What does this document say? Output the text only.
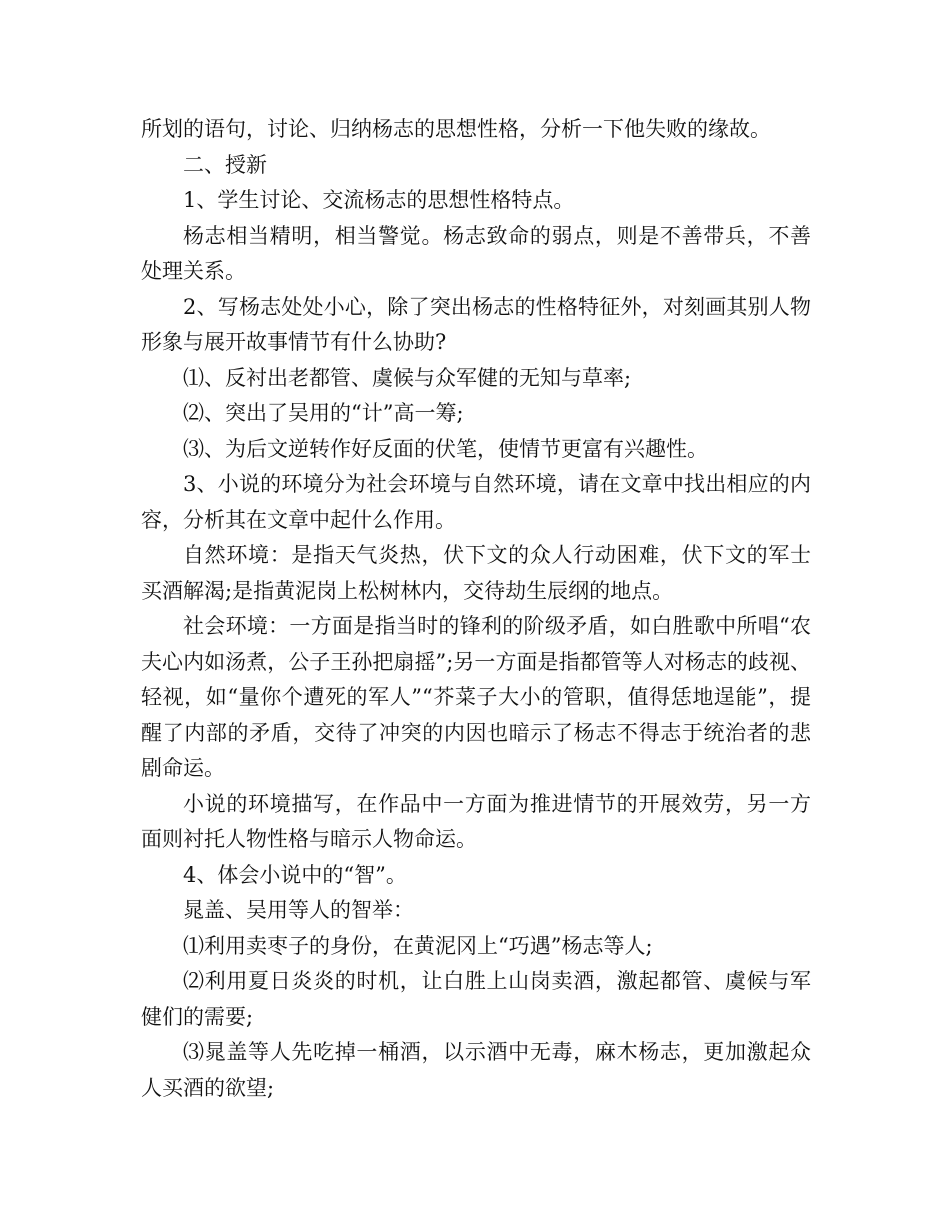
所划的语句，讨论、归纳杨志的思想性格，分析一下他失败的缘故。

二、授新

1、学生讨论、交流杨志的思想性格特点。

杨志相当精明，相当警觉。杨志致命的弱点，则是不善带兵，不善处理关系。

2、写杨志处处小心，除了突出杨志的性格特征外，对刻画其别人物形象与展开故事情节有什么协助?

⑴、反衬出老都管、虞候与众军健的无知与草率;

⑵、突出了吴用的“计”高一筹;

⑶、为后文逆转作好反面的伏笔，使情节更富有兴趣性。

3、小说的环境分为社会环境与自然环境，请在文章中找出相应的内容，分析其在文章中起什么作用。

自然环境：是指天气炎热，伏下文的众人行动困难，伏下文的军士买酒解渴;是指黄泥岗上松树林内，交待劫生辰纲的地点。

社会环境：一方面是指当时的锋利的阶级矛盾，如白胜歌中所唱“农夫心内如汤煮，公子王孙把扇摇”;另一方面是指都管等人对杨志的歧视、轻视，如“量你个遭死的军人”“芥菜子大小的管职，值得恁地逞能”，提醒了内部的矛盾，交待了冲突的内因也暗示了杨志不得志于统治者的悲剧命运。

小说的环境描写，在作品中一方面为推进情节的开展效劳，另一方面则衬托人物性格与暗示人物命运。

4、体会小说中的“智”。

晁盖、吴用等人的智举：

⑴利用卖枣子的身份，在黄泥冈上“巧遇”杨志等人;

⑵利用夏日炎炎的时机，让白胜上山岗卖酒，激起都管、虞候与军健们的需要;

⑶晁盖等人先吃掉一桶酒，以示酒中无毒，麻木杨志，更加激起众人买酒的欲望;
